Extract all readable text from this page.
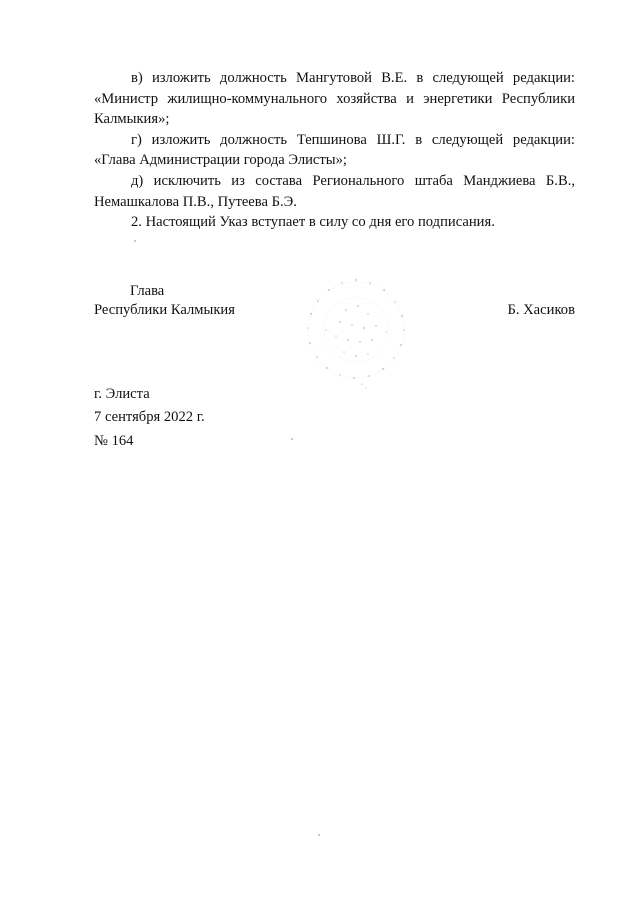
в) изложить должность Мангутовой В.Е. в следующей редакции: «Министр жилищно-коммунального хозяйства и энергетики Республики Калмыкия»;

г) изложить должность Тепшинова Ш.Г. в следующей редакции: «Глава Администрации города Элисты»;

д) исключить из состава Регионального штаба Манджиева Б.В., Немашкалова П.В., Путеева Б.Э.

2. Настоящий Указ вступает в силу со дня его подписания.

Глава

Республики Калмыкия	Б. Хасиков

г. Элиста

7 сентября 2022 г.

№ 164
